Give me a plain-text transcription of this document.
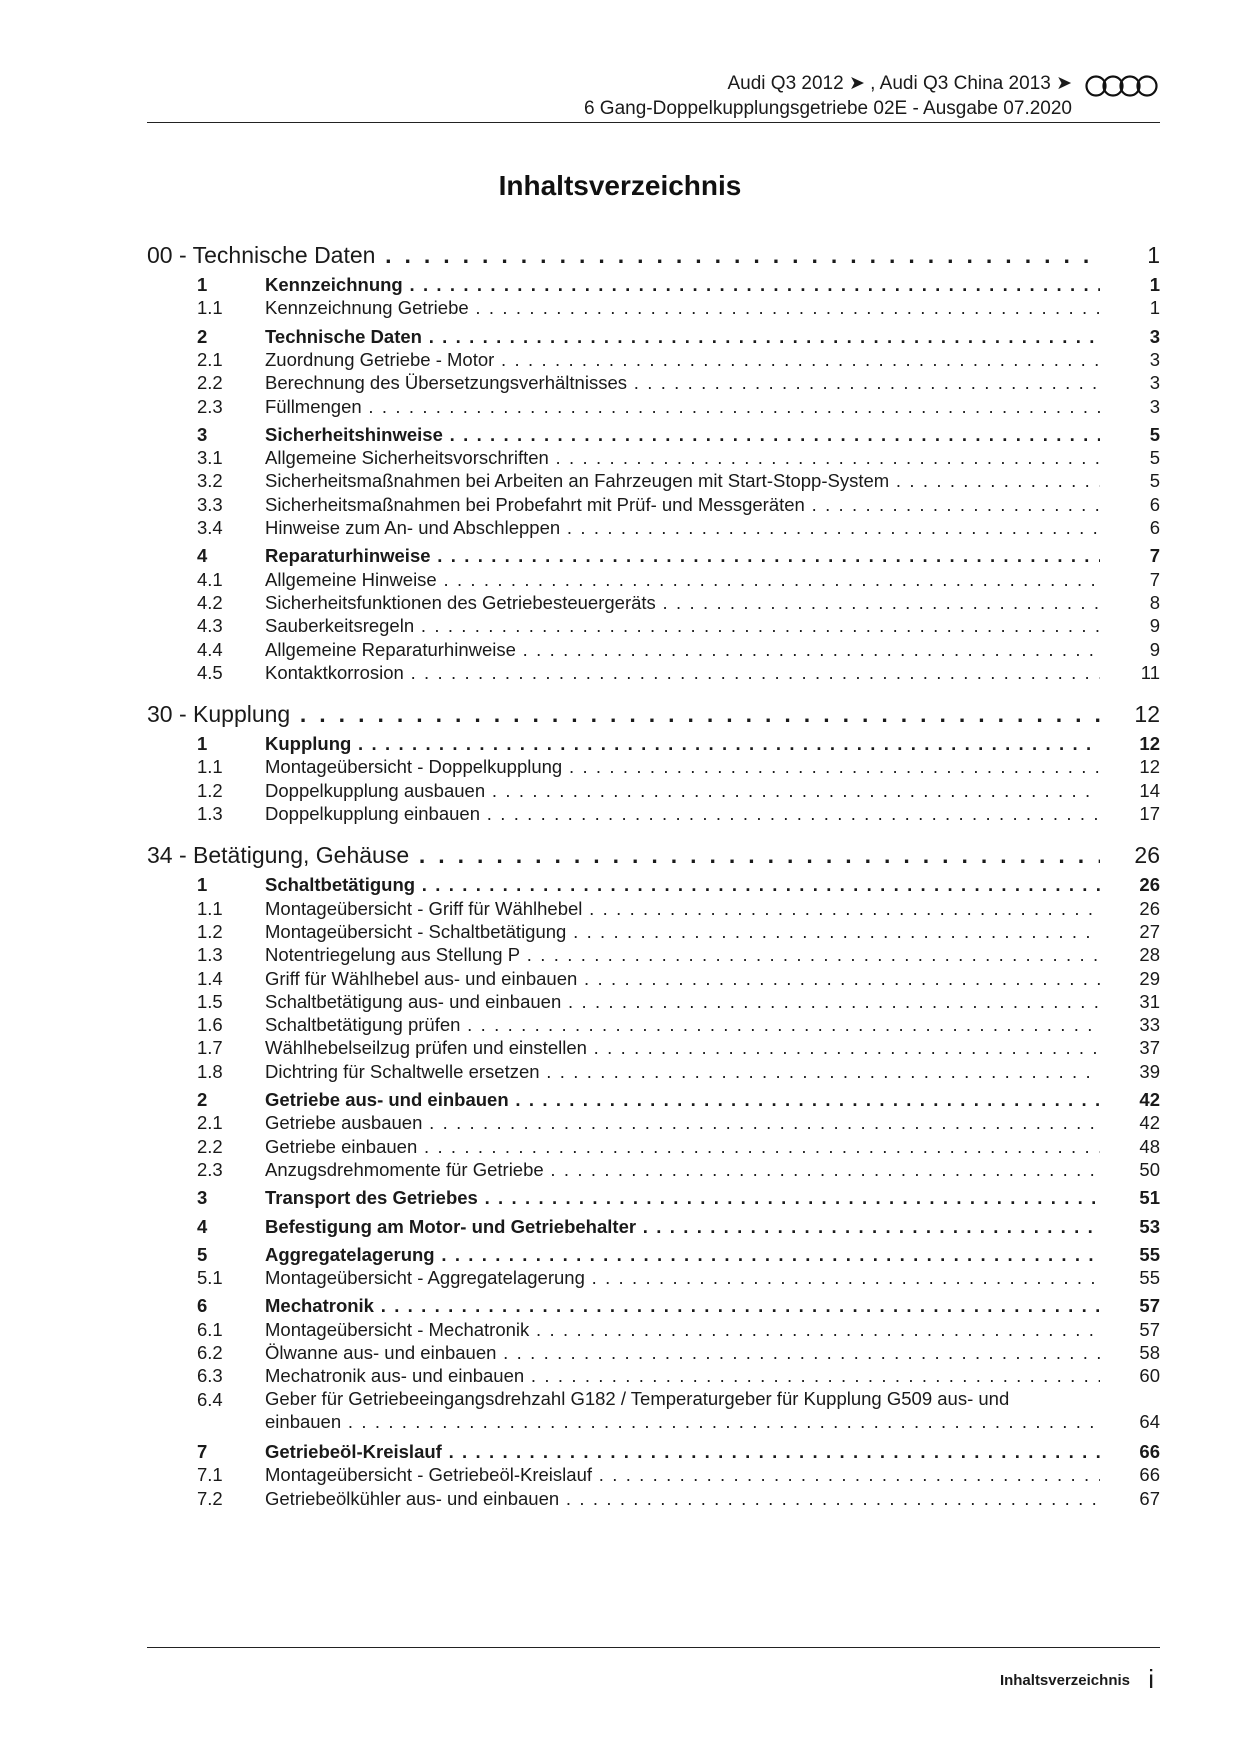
Audi Q3 2012 ➤ , Audi Q3 China 2013 ➤
6 Gang-Doppelkupplungsgetriebe 02E - Ausgabe 07.2020
Inhaltsverzeichnis
00 - Technische Daten . . .	1
1	Kennzeichnung . . .	1
1.1 Kennzeichnung Getriebe . . .	1
2	Technische Daten . . .	3
2.1 Zuordnung Getriebe - Motor . . .	3
2.2 Berechnung des Übersetzungsverhältnisses . . .	3
2.3 Füllmengen . . .	3
3	Sicherheitshinweise . . .	5
3.1 Allgemeine Sicherheitsvorschriften . . .	5
3.2 Sicherheitsmaßnahmen bei Arbeiten an Fahrzeugen mit Start-Stopp-System . . .	5
3.3 Sicherheitsmaßnahmen bei Probefahrt mit Prüf- und Messgeräten . . .	6
3.4 Hinweise zum An- und Abschleppen . . .	6
4	Reparaturhinweise . . .	7
4.1 Allgemeine Hinweise . . .	7
4.2 Sicherheitsfunktionen des Getriebesteuergeräts . . .	8
4.3 Sauberkeitsregeln . . .	9
4.4 Allgemeine Reparaturhinweise . . .	9
4.5 Kontaktkorrosion . . .	11
30 - Kupplung . . .	12
1	Kupplung . . .	12
1.1 Montageübersicht - Doppelkupplung . . .	12
1.2 Doppelkupplung ausbauen . . .	14
1.3 Doppelkupplung einbauen . . .	17
34 - Betätigung, Gehäuse . . .	26
1	Schaltbetätigung . . .	26
1.1 Montageübersicht - Griff für Wählhebel . . .	26
1.2 Montageübersicht - Schaltbetätigung . . .	27
1.3 Notentriegelung aus Stellung P . . .	28
1.4 Griff für Wählhebel aus- und einbauen . . .	29
1.5 Schaltbetätigung aus- und einbauen . . .	31
1.6 Schaltbetätigung prüfen . . .	33
1.7 Wählhebelseilzug prüfen und einstellen . . .	37
1.8 Dichtring für Schaltwelle ersetzen . . .	39
2	Getriebe aus- und einbauen . . .	42
2.1 Getriebe ausbauen . . .	42
2.2 Getriebe einbauen . . .	48
2.3 Anzugsdrehmomente für Getriebe . . .	50
3	Transport des Getriebes . . .	51
4	Befestigung am Motor- und Getriebehalter . . .	53
5	Aggregatelagerung . . .	55
5.1 Montageübersicht - Aggregatelagerung . . .	55
6	Mechatronik . . .	57
6.1 Montageübersicht - Mechatronik . . .	57
6.2 Ölwanne aus- und einbauen . . .	58
6.3 Mechatronik aus- und einbauen . . .	60
6.4 Geber für Getriebeeingangsdrehzahl G182 / Temperaturgeber für Kupplung G509 aus- und
einbauen . . .	64
7	Getriebeöl-Kreislauf . . .	66
7.1 Montageübersicht - Getriebeöl-Kreislauf . . .	66
7.2 Getriebeölkühler aus- und einbauen . . .	67
Inhaltsverzeichnis i
